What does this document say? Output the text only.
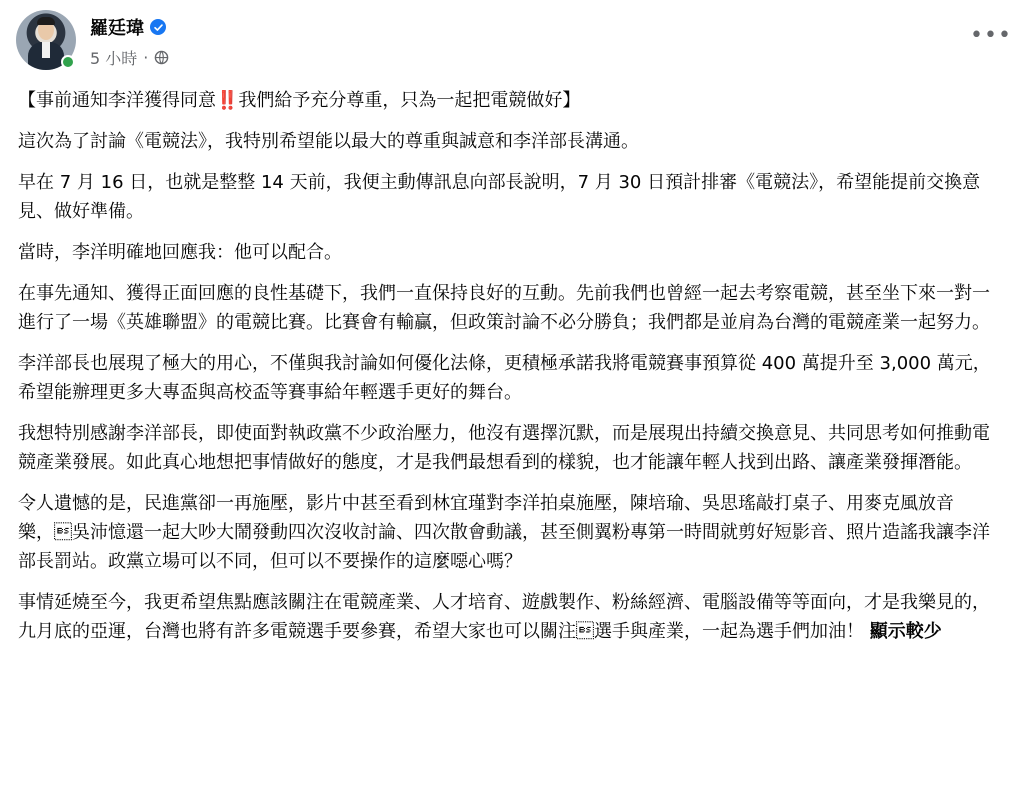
羅廷瑋
5 小時 ·
•••

【事前通知李洋獲得同意‼️我們給予充分尊重，只為一起把電競做好】

這次為了討論《電競法》，我特別希望能以最大的尊重與誠意和李洋部長溝通。

早在 7 月 16 日，也就是整整 14 天前，我便主動傳訊息向部長說明，7 月 30 日預計排審《電競法》，希望能提前交換意見、做好準備。

當時，李洋明確地回應我：他可以配合。

在事先通知、獲得正面回應的良性基礎下，我們一直保持良好的互動。先前我們也曾經一起去考察電競，甚至坐下來一對一進行了一場《英雄聯盟》的電競比賽。比賽會有輸贏，但政策討論不必分勝負；我們都是並肩為台灣的電競產業一起努力。

李洋部長也展現了極大的用心，不僅與我討論如何優化法條，更積極承諾我將電競賽事預算從 400 萬提升至 3,000 萬元，希望能辦理更多大專盃與高校盃等賽事給年輕選手更好的舞台。

我想特別感謝李洋部長，即使面對執政黨不少政治壓力，他沒有選擇沉默，而是展現出持續交換意見、共同思考如何推動電競產業發展。如此真心地想把事情做好的態度，才是我們最想看到的樣貌，也才能讓年輕人找到出路、讓產業發揮潛能。

令人遺憾的是，民進黨卻一再施壓，影片中甚至看到林宜瑾對李洋拍桌施壓，陳培瑜、吳思瑤敲打桌子、用麥克風放音樂，吳沛憶還一起大吵大鬧發動四次沒收討論、四次散會動議，甚至側翼粉專第一時間就剪好短影音、照片造謠我讓李洋部長罰站。政黨立場可以不同，但可以不要操作的這麼噁心嗎？

事情延燒至今，我更希望焦點應該關注在電競產業、人才培育、遊戲製作、粉絲經濟、電腦設備等等面向，才是我樂見的，九月底的亞運，台灣也將有許多電競選手要參賽，希望大家也可以關注選手與產業，一起為選手們加油！ 顯示較少
